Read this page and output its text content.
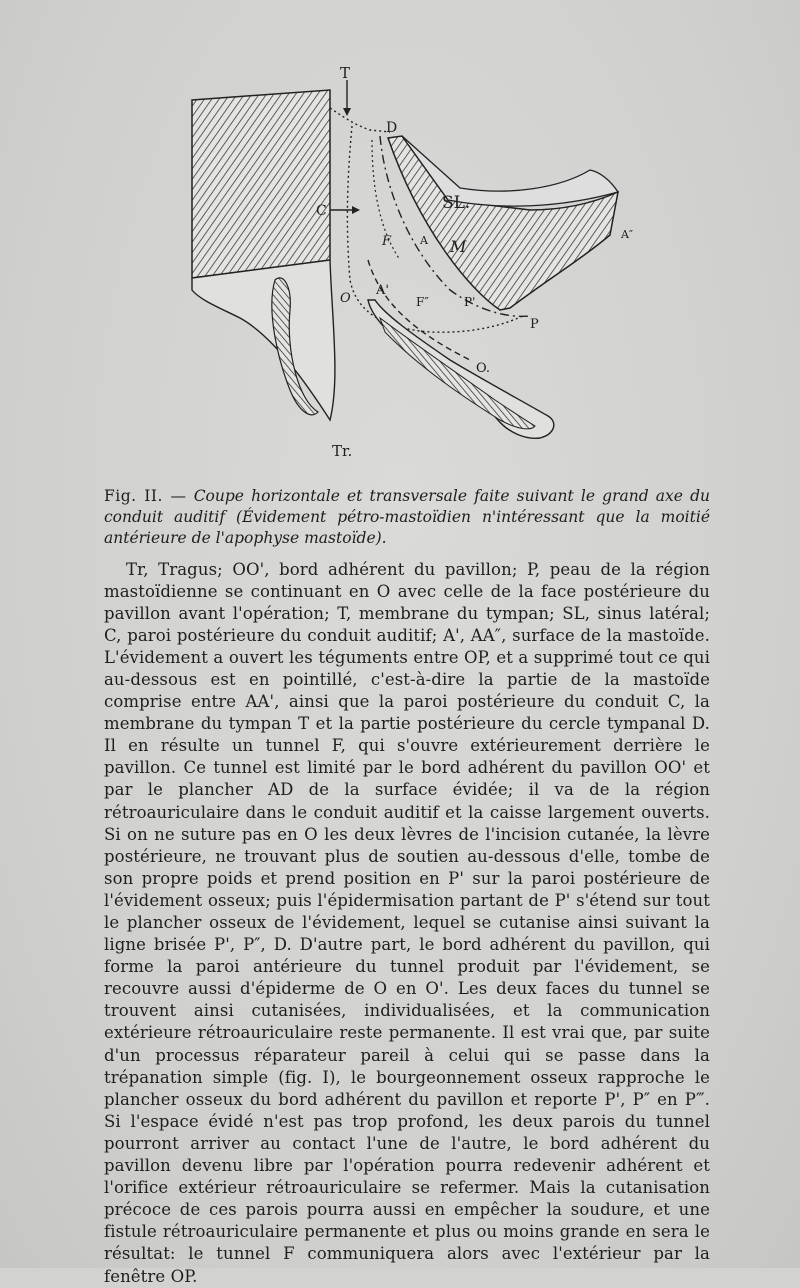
T
D
SL.
A″
C
F	A M
O
A'
F″	P'
P
O.
Tr.

Fig. II. — Coupe horizontale et transversale faite suivant le grand axe du conduit auditif (Évidement pétro-mastoïdien n'intéressant que la moitié antérieure de l'apophyse mastoïde).

Tr, Tragus; OO', bord adhérent du pavillon; P, peau de la région mastoïdienne se continuant en O avec celle de la face postérieure du pavillon avant l'opération; T, membrane du tympan; SL, sinus latéral; C, paroi postérieure du conduit auditif; A', AA″, surface de la mastoïde. L'évidement a ouvert les téguments entre OP, et a supprimé tout ce qui au-dessous est en pointillé, c'est-à-dire la partie de la mastoïde comprise entre AA', ainsi que la paroi postérieure du conduit C, la membrane du tympan T et la partie postérieure du cercle tympanal D. Il en résulte un tunnel F, qui s'ouvre extérieurement derrière le pavillon. Ce tunnel est limité par le bord adhérent du pavillon OO' et par le plancher AD de la surface évidée; il va de la région rétroauriculaire dans le conduit auditif et la caisse largement ouverts. Si on ne suture pas en O les deux lèvres de l'incision cutanée, la lèvre postérieure, ne trouvant plus de soutien au-dessous d'elle, tombe de son propre poids et prend position en P' sur la paroi postérieure de l'évidement osseux; puis l'épidermisation partant de P' s'étend sur tout le plancher osseux de l'évidement, lequel se cutanise ainsi suivant la ligne brisée P', P″, D. D'autre part, le bord adhérent du pavillon, qui forme la paroi antérieure du tunnel produit par l'évidement, se recouvre aussi d'épiderme de O en O'. Les deux faces du tunnel se trouvent ainsi cutanisées, individualisées, et la communication extérieure rétroauriculaire reste permanente. Il est vrai que, par suite d'un processus réparateur pareil à celui qui se passe dans la trépanation simple (fig. I), le bourgeonnement osseux rapproche le plancher osseux du bord adhérent du pavillon et reporte P', P″ en P‴. Si l'espace évidé n'est pas trop profond, les deux parois du tunnel pourront arriver au contact l'une de l'autre, le bord adhérent du pavillon devenu libre par l'opération pourra redevenir adhérent et l'orifice extérieur rétroauriculaire se refermer. Mais la cutanisation précoce de ces parois pourra aussi en empêcher la soudure, et une fistule rétroauriculaire permanente et plus ou moins grande en sera le résultat: le tunnel F communiquera alors avec l'extérieur par la fenêtre OP.
